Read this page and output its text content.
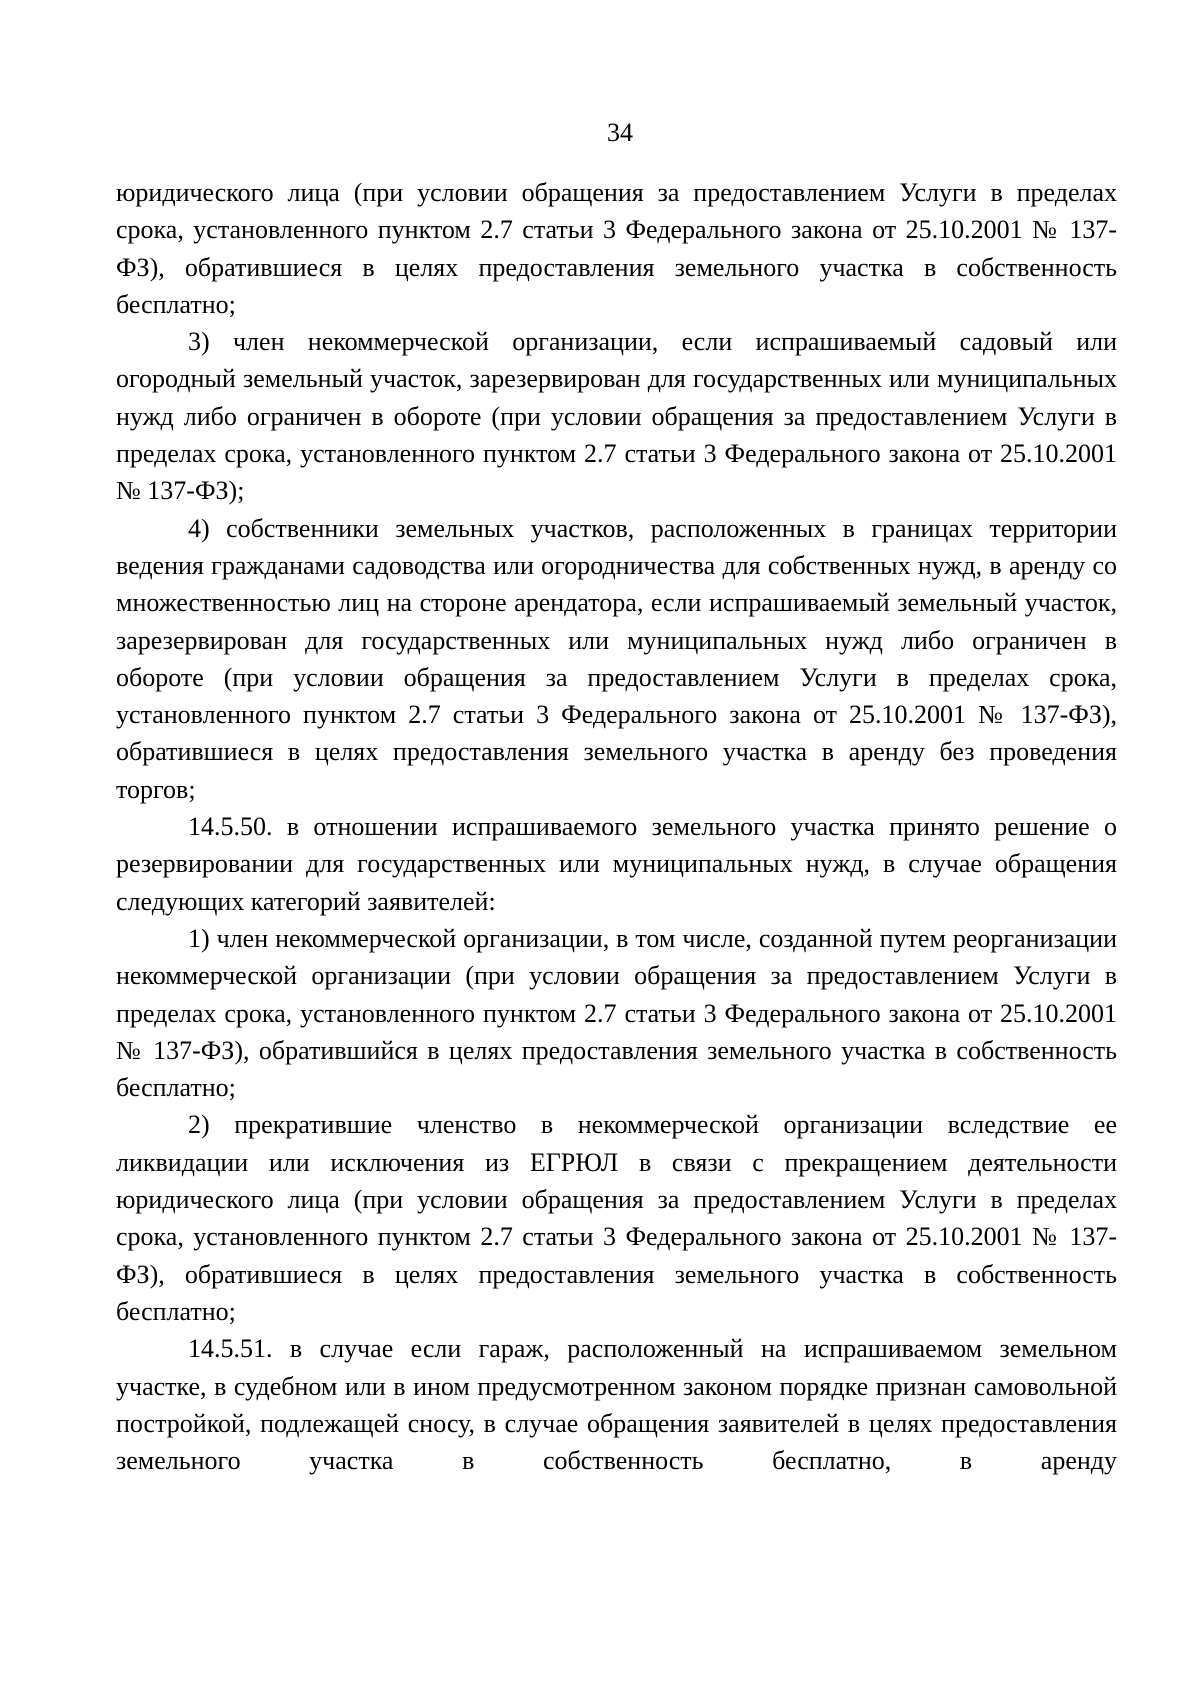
34

юридического лица (при условии обращения за предоставлением Услуги в пределах срока, установленного пунктом 2.7 статьи 3 Федерального закона от 25.10.2001 № 137-ФЗ), обратившиеся в целях предоставления земельного участка в собственность бесплатно;

3) член некоммерческой организации, если испрашиваемый садовый или огородный земельный участок, зарезервирован для государственных или муниципальных нужд либо ограничен в обороте (при условии обращения за предоставлением Услуги в пределах срока, установленного пунктом 2.7 статьи 3 Федерального закона от 25.10.2001 № 137-ФЗ);

4) собственники земельных участков, расположенных в границах территории ведения гражданами садоводства или огородничества для собственных нужд, в аренду со множественностью лиц на стороне арендатора, если испрашиваемый земельный участок, зарезервирован для государственных или муниципальных нужд либо ограничен в обороте (при условии обращения за предоставлением Услуги в пределах срока, установленного пунктом 2.7 статьи 3 Федерального закона от 25.10.2001 № 137-ФЗ), обратившиеся в целях предоставления земельного участка в аренду без проведения торгов;

14.5.50. в отношении испрашиваемого земельного участка принято решение о резервировании для государственных или муниципальных нужд, в случае обращения следующих категорий заявителей:

1) член некоммерческой организации, в том числе, созданной путем реорганизации некоммерческой организации (при условии обращения за предоставлением Услуги в пределах срока, установленного пунктом 2.7 статьи 3 Федерального закона от 25.10.2001 № 137-ФЗ), обратившийся в целях предоставления земельного участка в собственность бесплатно;

2) прекратившие членство в некоммерческой организации вследствие ее ликвидации или исключения из ЕГРЮЛ в связи с прекращением деятельности юридического лица (при условии обращения за предоставлением Услуги в пределах срока, установленного пунктом 2.7 статьи 3 Федерального закона от 25.10.2001 № 137-ФЗ), обратившиеся в целях предоставления земельного участка в собственность бесплатно;

14.5.51. в случае если гараж, расположенный на испрашиваемом земельном участке, в судебном или в ином предусмотренном законом порядке признан самовольной постройкой, подлежащей сносу, в случае обращения заявителей в целях предоставления земельного участка в собственность бесплатно, в аренду
